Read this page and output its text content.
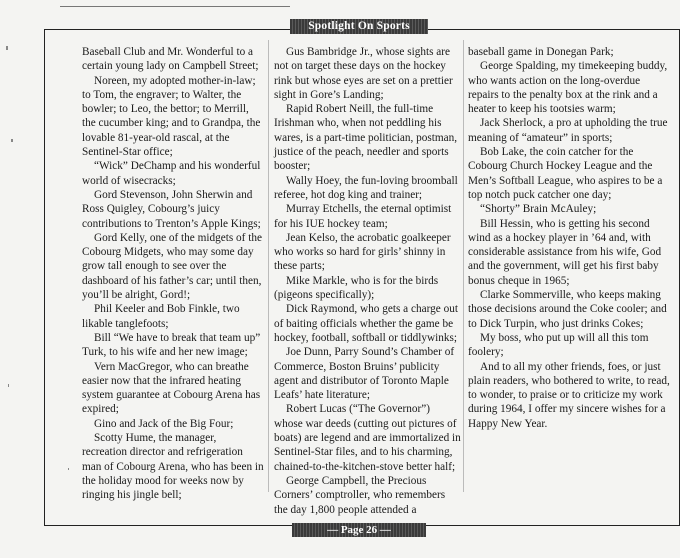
Spotlight On Sports

Baseball Club and Mr. Wonderful to a certain young lady on Campbell Street;

Noreen, my adopted mother-in-law; to Tom, the engraver; to Walter, the bowler; to Leo, the bettor; to Merrill, the cucumber king; and to Grandpa, the lovable 81-year-old rascal, at the Sentinel-Star office;

“Wick” DeChamp and his wonderful world of wisecracks;

Gord Stevenson, John Sherwin and Ross Quigley, Cobourg’s juicy contributions to Trenton’s Apple Kings;

Gord Kelly, one of the midgets of the Cobourg Midgets, who may some day grow tall enough to see over the dashboard of his father’s car; until then, you’ll be alright, Gord!;

Phil Keeler and Bob Finkle, two likable tanglefoots;

Bill “We have to break that team up” Turk, to his wife and her new image;

Vern MacGregor, who can breathe easier now that the infrared heating system guarantee at Cobourg Arena has expired;

Gino and Jack of the Big Four;

Scotty Hume, the manager, recreation director and refrigeration man of Cobourg Arena, who has been in the holiday mood for weeks now by ringing his jingle bell;

Gus Bambridge Jr., whose sights are not on target these days on the hockey rink but whose eyes are set on a prettier sight in Gore’s Landing;

Rapid Robert Neill, the full-time Irishman who, when not peddling his wares, is a part-time politician, postman, justice of the peach, needler and sports booster;

Wally Hoey, the fun-loving broomball referee, hot dog king and trainer;

Murray Etchells, the eternal optimist for his IUE hockey team;

Jean Kelso, the acrobatic goalkeeper who works so hard for girls’ shinny in these parts;

Mike Markle, who is for the birds (pigeons specifically);

Dick Raymond, who gets a charge out of baiting officials whether the game be hockey, football, softball or tiddlywinks;

Joe Dunn, Parry Sound’s Chamber of Commerce, Boston Bruins’ publicity agent and distributor of Toronto Maple Leafs’ hate literature;

Robert Lucas (“The Governor”) whose war deeds (cutting out pictures of boats) are legend and are immortalized in Sentinel-Star files, and to his charming, chained-to-the-kitchen-stove better half;

George Campbell, the Precious Corners’ comptroller, who remembers the day 1,800 people attended a

baseball game in Donegan Park;

George Spalding, my timekeeping buddy, who wants action on the long-overdue repairs to the penalty box at the rink and a heater to keep his tootsies warm;

Jack Sherlock, a pro at upholding the true meaning of “amateur” in sports;

Bob Lake, the coin catcher for the Cobourg Church Hockey League and the Men’s Softball League, who aspires to be a top notch puck catcher one day;

“Shorty” Brain McAuley;

Bill Hessin, who is getting his second wind as a hockey player in ’64 and, with considerable assistance from his wife, God and the government, will get his first baby bonus cheque in 1965;

Clarke Sommerville, who keeps making those decisions around the Coke cooler; and to Dick Turpin, who just drinks Cokes;

My boss, who put up will all this tom foolery;

And to all my other friends, foes, or just plain readers, who bothered to write, to read, to wonder, to praise or to criticize my work during 1964, I offer my sincere wishes for a Happy New Year.

— Page 26 —
